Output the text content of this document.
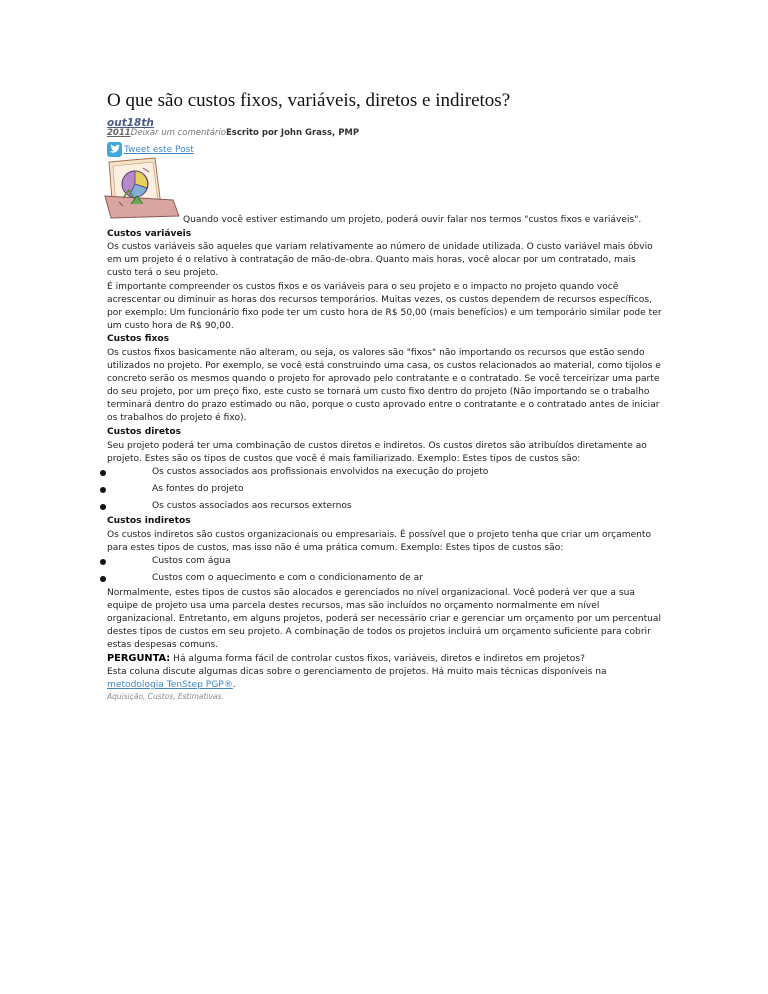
O que são custos fixos, variáveis, diretos e indiretos?
out18th
2011Deixar um comentárioEscrito por John Grass, PMP
Tweet este Post
Quando você estiver estimando um projeto, poderá ouvir falar nos termos "custos fixos e variáveis".
Custos variáveis
Os custos variáveis são aqueles que variam relativamente ao número de unidade utilizada. O custo variável mais óbvio em um projeto é o relativo à contratação de mão-de-obra. Quanto mais horas, você alocar por um contratado, mais custo terá o seu projeto.
É importante compreender os custos fixos e os variáveis para o seu projeto e o impacto no projeto quando você acrescentar ou diminuir as horas dos recursos temporários. Muitas vezes, os custos dependem de recursos específicos, por exemplo: Um funcionário fixo pode ter um custo hora de R$ 50,00 (mais benefícios) e um temporário similar pode ter um custo hora de R$ 90,00.
Custos fixos
Os custos fixos basicamente não alteram, ou seja, os valores são "fixos" não importando os recursos que estão sendo utilizados no projeto. Por exemplo, se você está construindo uma casa, os custos relacionados ao material, como tijolos e concreto serão os mesmos quando o projeto for aprovado pelo contratante e o contratado. Se você terceirizar uma parte do seu projeto, por um preço fixo, este custo se tornará um custo fixo dentro do projeto (Não importando se o trabalho terminará dentro do prazo estimado ou não, porque o custo aprovado entre o contratante e o contratado antes de iniciar os trabalhos do projeto é fixo).
Custos diretos
Seu projeto poderá ter uma combinação de custos diretos e indiretos. Os custos diretos são atribuídos diretamente ao projeto. Estes são os tipos de custos que você é mais familiarizado. Exemplo: Estes tipos de custos são:
Os custos associados aos profissionais envolvidos na execução do projeto
As fontes do projeto
Os custos associados aos recursos externos
Custos indiretos
Os custos indiretos são custos organizacionais ou empresariais. É possível que o projeto tenha que criar um orçamento para estes tipos de custos, mas isso não é uma prática comum. Exemplo: Estes tipos de custos são:
Custos com água
Custos com o aquecimento e com o condicionamento de ar
Normalmente, estes tipos de custos são alocados e gerenciados no nível organizacional. Você poderá ver que a sua equipe de projeto usa uma parcela destes recursos, mas são incluídos no orçamento normalmente em nível organizacional. Entretanto, em alguns projetos, poderá ser necessário criar e gerenciar um orçamento por um percentual destes tipos de custos em seu projeto. A combinação de todos os projetos incluirá um orçamento suficiente para cobrir estas despesas comuns.
PERGUNTA: Há alguma forma fácil de controlar custos fixos, variáveis, diretos e indiretos em projetos?
Esta coluna discute algumas dicas sobre o gerenciamento de projetos. Há muito mais técnicas disponíveis na metodologia TenStep PGP®.
Aquisição, Custos, Estimativas
